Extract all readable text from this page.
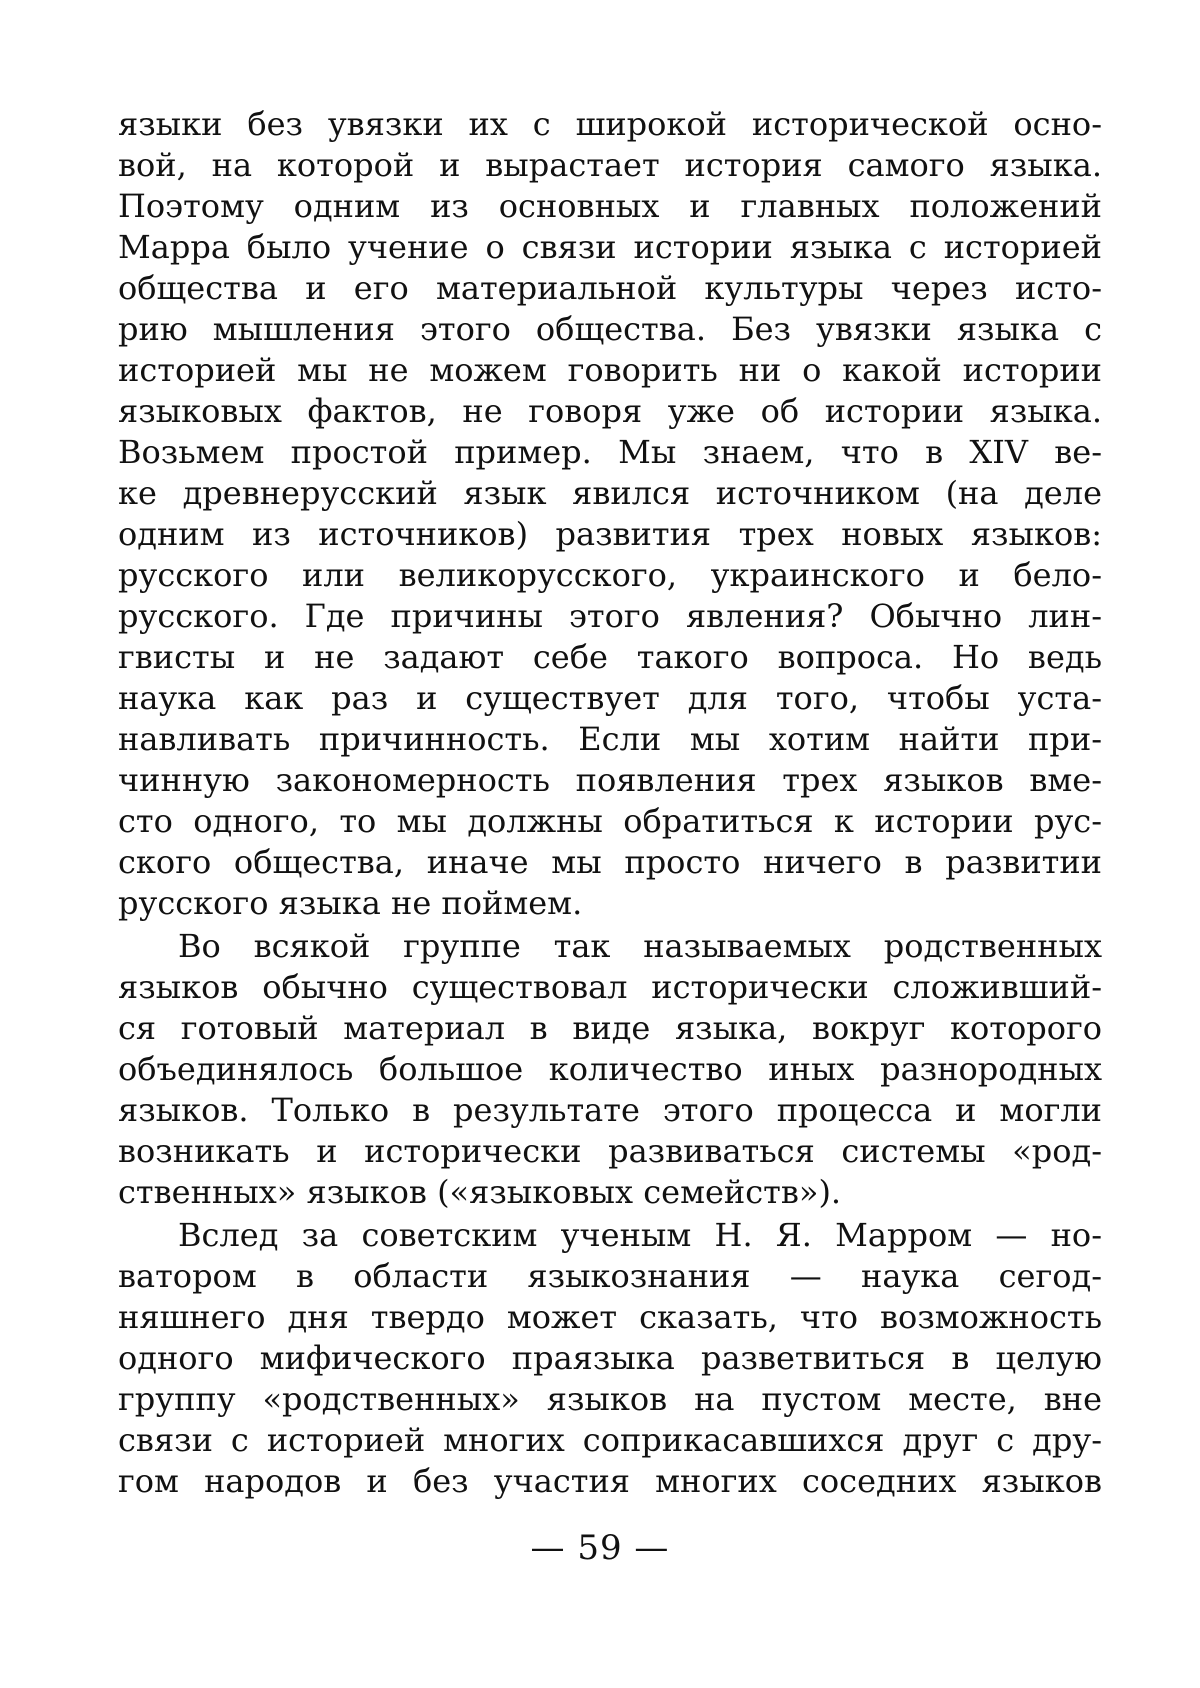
языки без увязки их с широкой исторической осно-
вой, на которой и вырастает история самого языка.
Поэтому одним из основных и главных положений
Марра было учение о связи истории языка с историей
общества и его материальной культуры через исто-
рию мышления этого общества. Без увязки языка с
историей мы не можем говорить ни о какой истории
языковых фактов, не говоря уже об истории языка.
Возьмем простой пример. Мы знаем, что в XIV ве-
ке древнерусский язык явился источником (на деле
одним из источников) развития трех новых языков:
русского или великорусского, украинского и бело-
русского. Где причины этого явления? Обычно лин-
гвисты и не задают себе такого вопроса. Но ведь
наука как раз и существует для того, чтобы уста-
навливать причинность. Если мы хотим найти при-
чинную закономерность появления трех языков вме-
сто одного, то мы должны обратиться к истории рус-
ского общества, иначе мы просто ничего в развитии
русского языка не поймем.
Во всякой группе так называемых родственных
языков обычно существовал исторически сложивший-
ся готовый материал в виде языка, вокруг которого
объединялось большое количество иных разнородных
языков. Только в результате этого процесса и могли
возникать и исторически развиваться системы «род-
ственных» языков («языковых семейств»).
Вслед за советским ученым Н. Я. Марром — но-
ватором в области языкознания — наука сегод-
няшнего дня твердо может сказать, что возможность
одного мифического праязыка разветвиться в целую
группу «родственных» языков на пустом месте, вне
связи с историей многих соприкасавшихся друг с дру-
гом народов и без участия многих соседних языков
— 59 —
